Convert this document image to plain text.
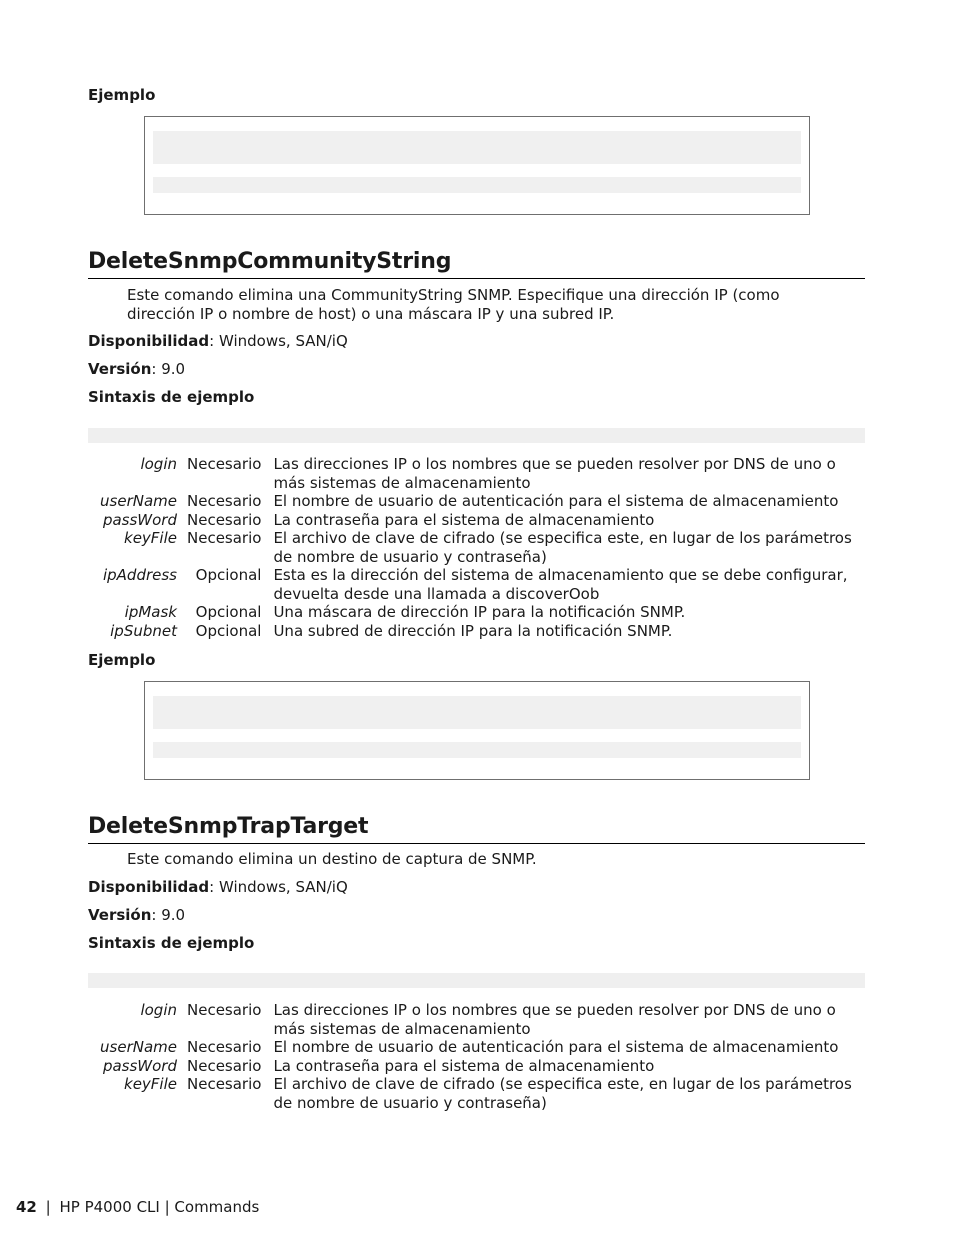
Ejemplo
DeleteSnmpCommunityString
Este comando elimina una CommunityString SNMP. Especifique una dirección IP (como dirección IP o nombre de host) o una máscara IP y una subred IP.
Disponibilidad: Windows, SAN/iQ
Versión: 9.0
Sintaxis de ejemplo
login	Necesario	Las direcciones IP o los nombres que se pueden resolver por DNS de uno o más sistemas de almacenamiento
userName	Necesario	El nombre de usuario de autenticación para el sistema de almacenamiento
passWord	Necesario	La contraseña para el sistema de almacenamiento
keyFile	Necesario	El archivo de clave de cifrado (se especifica este, en lugar de los parámetros de nombre de usuario y contraseña)
ipAddress	Opcional	Esta es la dirección del sistema de almacenamiento que se debe configurar, devuelta desde una llamada a discoverOob
ipMask	Opcional	Una máscara de dirección IP para la notificación SNMP.
ipSubnet	Opcional	Una subred de dirección IP para la notificación SNMP.
Ejemplo
DeleteSnmpTrapTarget
Este comando elimina un destino de captura de SNMP.
Disponibilidad: Windows, SAN/iQ
Versión: 9.0
Sintaxis de ejemplo
login	Necesario	Las direcciones IP o los nombres que se pueden resolver por DNS de uno o más sistemas de almacenamiento
userName	Necesario	El nombre de usuario de autenticación para el sistema de almacenamiento
passWord	Necesario	La contraseña para el sistema de almacenamiento
keyFile	Necesario	El archivo de clave de cifrado (se especifica este, en lugar de los parámetros de nombre de usuario y contraseña)
42 | HP P4000 CLI | Commands
